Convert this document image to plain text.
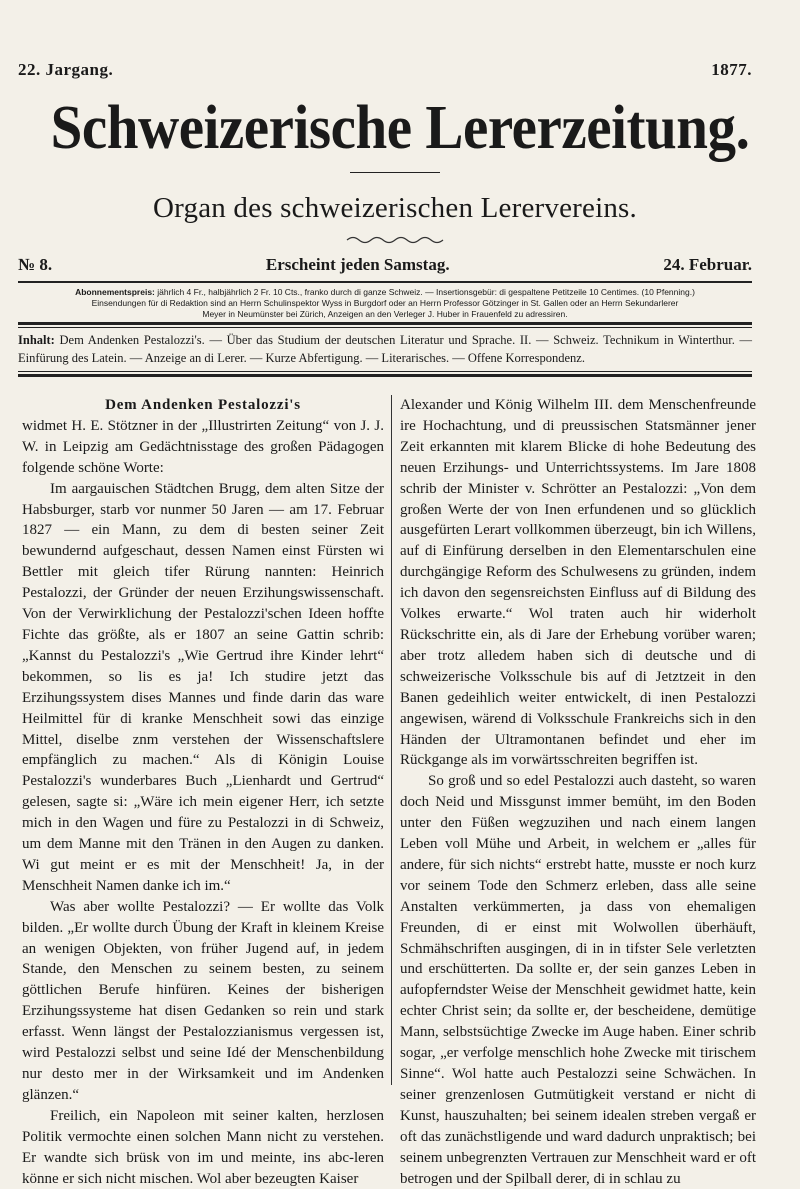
22. Jargang.	1877.
Schweizerische Lererzeitung.
Organ des schweizerischen Lerervereins.
№ 8.	Erscheint jeden Samstag.	24. Februar.
Abonnementspreis: jährlich 4 Fr., halbjährlich 2 Fr. 10 Cts., franko durch di ganze Schweiz. — Insertionsgebür: di gespaltene Petitzeile 10 Centimes. (10 Pfenning.)
Einsendungen für di Redaktion sind an Herrn Schulinspektor Wyss in Burgdorf oder an Herrn Professor Götzinger in St. Gallen oder an Herrn Sekundarlerer
Meyer in Neumünster bei Zürich, Anzeigen an den Verleger J. Huber in Frauenfeld zu adressiren.
Inhalt: Dem Andenken Pestalozzi's. — Über das Studium der deutschen Literatur und Sprache. II. — Schweiz. Technikum in Winterthur. — Einfürung des Latein. — Anzeige an di Lerer. — Kurze Abfertigung. — Literarisches. — Offene Korrespondenz.
Dem Andenken Pestalozzi's

widmet H. E. Stötzner in der „Illustrirten Zeitung“ von J. J. W. in Leipzig am Gedächtnisstage des großen Pädagogen folgende schöne Worte:

Im aargauischen Städtchen Brugg, dem alten Sitze der Habsburger, starb vor nunmer 50 Jaren — am 17. Februar 1827 — ein Mann, zu dem di besten seiner Zeit bewundernd aufgeschaut, dessen Namen einst Fürsten wi Bettler mit gleich tifer Rürung nannten: Heinrich Pestalozzi, der Gründer der neuen Erzihungswissenschaft. Von der Verwirklichung der Pestalozzi'schen Ideen hoffte Fichte das größte, als er 1807 an seine Gattin schrib: „Kannst du Pestalozzi's „Wie Gertrud ihre Kinder lehrt“ bekommen, so lis es ja! Ich studire jetzt das Erzihungssystem dises Mannes und finde darin das ware Heilmittel für di kranke Menschheit sowi das einzige Mittel, diselbe znm verstehen der Wissenschaftslere empfänglich zu machen.“ Als di Königin Louise Pestalozzi's wunderbares Buch „Lienhardt und Gertrud“ gelesen, sagte si: „Wäre ich mein eigener Herr, ich setzte mich in den Wagen und füre zu Pestalozzi in di Schweiz, um dem Manne mit den Tränen in den Augen zu danken. Wi gut meint er es mit der Menschheit! Ja, in der Menschheit Namen danke ich im.“

Was aber wollte Pestalozzi? — Er wollte das Volk bilden. „Er wollte durch Übung der Kraft in kleinem Kreise an wenigen Objekten, von früher Jugend auf, in jedem Stande, den Menschen zu seinem besten, zu seinem göttlichen Berufe hinfüren. Keines der bisherigen Erzihungssysteme hat disen Gedanken so rein und stark erfasst. Wenn längst der Pestalozzianismus vergessen ist, wird Pestalozzi selbst und seine Idé der Menschenbildung nur desto mer in der Wirksamkeit und im Andenken glänzen.“

Freilich, ein Napoleon mit seiner kalten, herzlosen Politik vermochte einen solchen Mann nicht zu verstehen. Er wandte sich brüsk von im und meinte, ins abc-leren könne er sich nicht mischen. Wol aber bezeugten Kaiser

Alexander und König Wilhelm III. dem Menschenfreunde ire Hochachtung, und di preussischen Statsmänner jener Zeit erkannten mit klarem Blicke di hohe Bedeutung des neuen Erzihungs- und Unterrichtssystems. Im Jare 1808 schrib der Minister v. Schrötter an Pestalozzi: „Von dem großen Werte der von Inen erfundenen und so glücklich ausgefürten Lerart vollkommen überzeugt, bin ich Willens, auf di Einfürung derselben in den Elementarschulen eine durchgängige Reform des Schulwesens zu gründen, indem ich davon den segensreichsten Einfluss auf di Bildung des Volkes erwarte.“ Wol traten auch hir widerholt Rückschritte ein, als di Jare der Erhebung vorüber waren; aber trotz alledem haben sich di deutsche und di schweizerische Volksschule bis auf di Jetztzeit in den Banen gedeihlich weiter entwickelt, di inen Pestalozzi angewisen, wärend di Volksschule Frankreichs sich in den Händen der Ultramontanen befindet und eher im Rückgange als im vorwärtsschreiten begriffen ist.

So groß und so edel Pestalozzi auch dasteht, so waren doch Neid und Missgunst immer bemüht, im den Boden unter den Füßen wegzuzihen und nach einem langen Leben voll Mühe und Arbeit, in welchem er „alles für andere, für sich nichts“ erstrebt hatte, musste er noch kurz vor seinem Tode den Schmerz erleben, dass alle seine Anstalten verkümmerten, ja dass von ehemaligen Freunden, di er einst mit Wolwollen überhäuft, Schmähschriften ausgingen, di in in tifster Sele verletzten und erschütterten. Da sollte er, der sein ganzes Leben in aufopferndster Weise der Menschheit gewidmet hatte, kein echter Christ sein; da sollte er, der bescheidene, demütige Mann, selbstsüchtige Zwecke im Auge haben. Einer schrib sogar, „er verfolge menschlich hohe Zwecke mit tirischem Sinne“. Wol hatte auch Pestalozzi seine Schwächen. In seiner grenzenlosen Gutmütigkeit verstand er nicht di Kunst, hauszuhalten; bei seinem idealen streben vergaß er oft das zunächstligende und ward dadurch unpraktisch; bei seinem unbegrenzten Vertrauen zur Menschheit ward er oft betrogen und der Spilball derer, di in schlau zu
